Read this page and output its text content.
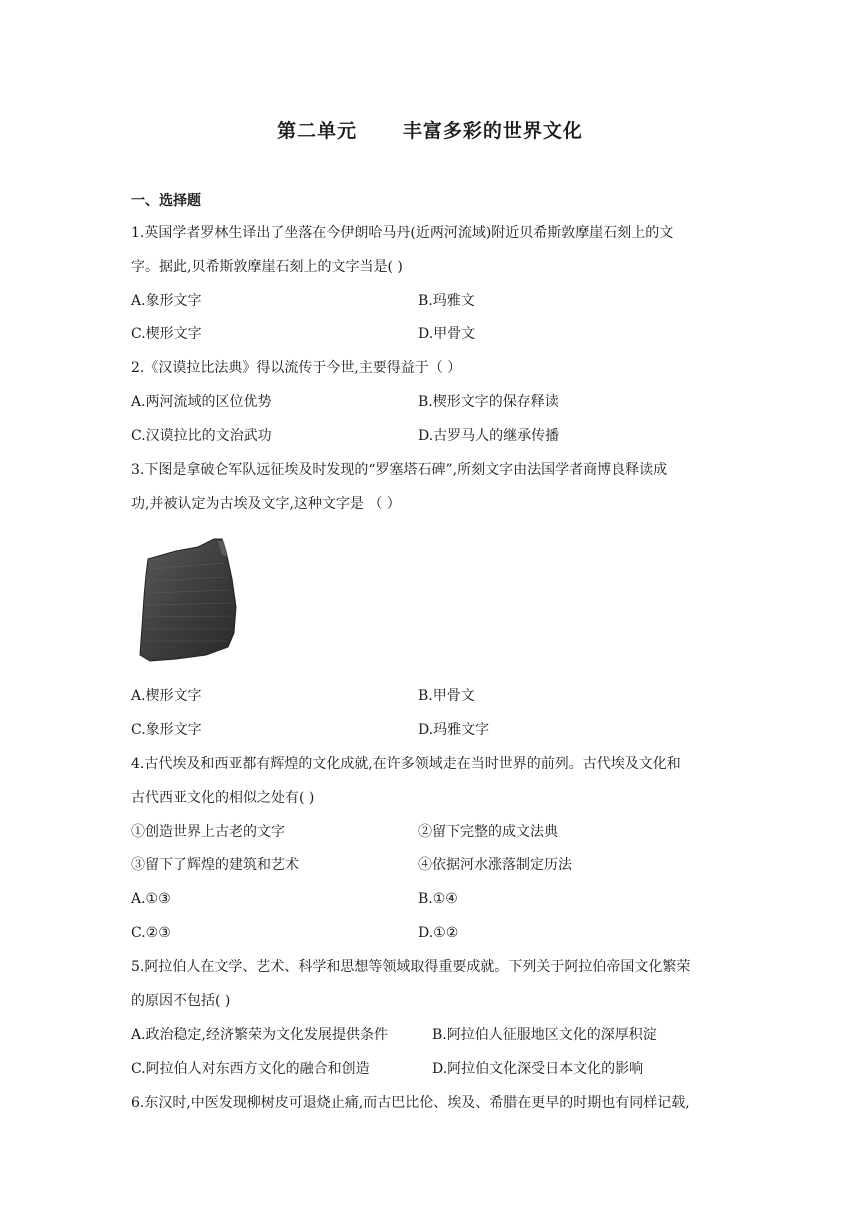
第二单元      丰富多彩的世界文化
一、选择题
1.英国学者罗林生译出了坐落在今伊朗哈马丹(近两河流域)附近贝希斯敦摩崖石刻上的文
字。据此,贝希斯敦摩崖石刻上的文字当是( )
A.象形文字	B.玛雅文
C.楔形文字	D.甲骨文
2.《汉谟拉比法典》得以流传于今世,主要得益于（ ）
A.两河流域的区位优势	B.楔形文字的保存释读
C.汉谟拉比的文治武功	D.古罗马人的继承传播
3.下图是拿破仑军队远征埃及时发现的“罗塞塔石碑”,所刻文字由法国学者商博良释读成
功,并被认定为古埃及文字,这种文字是 （ ）
A.楔形文字	B.甲骨文
C.象形文字	D.玛雅文字
4.古代埃及和西亚都有辉煌的文化成就,在许多领域走在当时世界的前列。古代埃及文化和
古代西亚文化的相似之处有( )
①创造世界上古老的文字	②留下完整的成文法典
③留下了辉煌的建筑和艺术	④依据河水涨落制定历法
A.①③	B.①④
C.②③	D.①②
5.阿拉伯人在文学、艺术、科学和思想等领域取得重要成就。下列关于阿拉伯帝国文化繁荣
的原因不包括( )
A.政治稳定,经济繁荣为文化发展提供条件	B.阿拉伯人征服地区文化的深厚积淀
C.阿拉伯人对东西方文化的融合和创造	D.阿拉伯文化深受日本文化的影响
6.东汉时,中医发现柳树皮可退烧止痛,而古巴比伦、埃及、希腊在更早的时期也有同样记载,
